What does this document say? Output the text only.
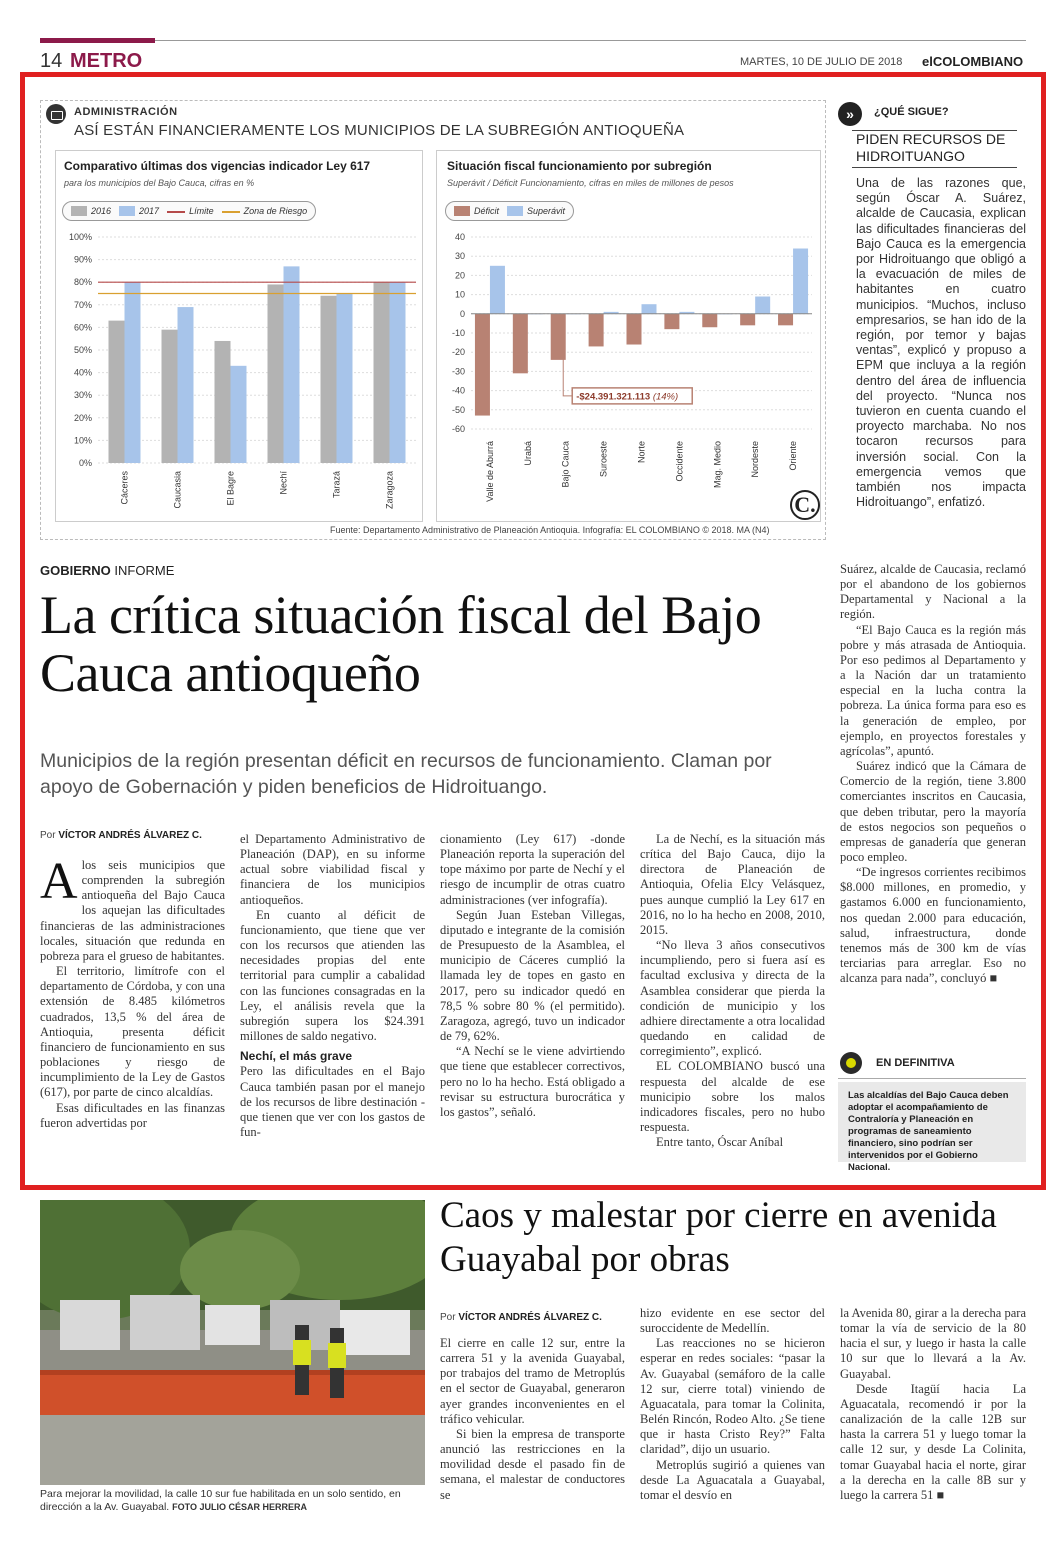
14 METRO	MARTES, 10 DE JULIO DE 2018 elCOLOMBIANO
ADMINISTRACIÓN
ASÍ ESTÁN FINANCIERAMENTE LOS MUNICIPIOS DE LA SUBREGIÓN ANTIOQUEÑA
Comparativo últimas dos vigencias indicador Ley 617
para los municipios del Bajo Cauca, cifras en %
2016	2017	Límite	Zona de Riesgo
100%
90%
80%
70%
60%
50%
40%
30%
20%
10%
0%
Cáceres	Caucasia	El Bagre	Nechí	Tarazá	Zaragoza
Situación fiscal funcionamiento por subregión
Superávit / Déficit Funcionamiento, cifras en miles de millones de pesos
Déficit	Superávit
40
30
20
10
0
-10
-20
-30
-40
-50
-60
Valle de Aburrá	Urabá	Bajo Cauca	Suroeste	Norte	Occidente	Mag. Medio	Nordeste	Oriente
-$24.391.321.113 (14%)
Fuente: Departamento Administrativo de Planeación Antioquia. Infografía: EL COLOMBIANO © 2018. MA (N4)
C.
»	¿QUÉ SIGUE?
PIDEN RECURSOS DE HIDROITUANGO
Una de las razones que, según Óscar A. Suárez, alcalde de Caucasia, explican las dificultades financieras del Bajo Cauca es la emergencia por Hidroituango que obligó a la evacuación de miles de habitantes en cuatro municipios. “Muchos, incluso empresarios, se han ido de la región, por temor y bajas ventas”, explicó y propuso a EPM que incluya a la región dentro del área de influencia del proyecto. “Nunca nos tuvieron en cuenta cuando el proyecto marchaba. No nos tocaron recursos para inversión social. Con la emergencia vemos que también nos impacta Hidroituango”, enfatizó.
GOBIERNO INFORME
La crítica situación fiscal del Bajo Cauca antioqueño
Municipios de la región presentan déficit en recursos de funcionamiento. Claman por apoyo de Gobernación y piden beneficios de Hidroituango.
Por VÍCTOR ANDRÉS ÁLVAREZ C.

Alos seis municipios que comprenden la subregión antioqueña del Bajo Cauca los aquejan las dificultades financieras de las administraciones locales, situación que redunda en pobreza para el grueso de habitantes.

El territorio, limítrofe con el departamento de Córdoba, y con una extensión de 8.485 kilómetros cuadrados, 13,5 % del área de Antioquia, presenta déficit financiero de funcionamiento en sus poblaciones y riesgo de incumplimiento de la Ley de Gastos (617), por parte de cinco alcaldías.

Esas dificultades en las finanzas fueron advertidas por

el Departamento Administrativo de Planeación (DAP), en su informe actual sobre viabilidad fiscal y financiera de los municipios antioqueños.

En cuanto al déficit de funcionamiento, que tiene que ver con los recursos que atienden las necesidades propias del ente territorial para cumplir a cabalidad con las funciones consagradas en la Ley, el análisis revela que la subregión supera los $24.391 millones de saldo negativo.

Nechí, el más grave

Pero las dificultades en el Bajo Cauca también pasan por el manejo de los recursos de libre destinación - que tienen que ver con los gastos de fun-

cionamiento (Ley 617) -donde Planeación reporta la superación del tope máximo por parte de Nechí y el riesgo de incumplir de otras cuatro administraciones (ver infografía).

Según Juan Esteban Villegas, diputado e integrante de la comisión de Presupuesto de la Asamblea, el municipio de Cáceres cumplió la llamada ley de topes en gasto en 2017, pero su indicador quedó en 78,5 % sobre 80 % (el permitido). Zaragoza, agregó, tuvo un indicador de 79, 62%.

“A Nechí se le viene advirtiendo que tiene que establecer correctivos, pero no lo ha hecho. Está obligado a revisar su estructura burocrática y los gastos”, señaló.

La de Nechí, es la situación más crítica del Bajo Cauca, dijo la directora de Planeación de Antioquia, Ofelia Elcy Velásquez, pues aunque cumplió la Ley 617 en 2016, no lo ha hecho en 2008, 2010, 2015.

“No lleva 3 años consecutivos incumpliendo, pero si fuera así es facultad exclusiva y directa de la Asamblea considerar que pierda la condición de municipio y los adhiere directamente a otra localidad quedando en calidad de corregimiento”, explicó.

EL COLOMBIANO buscó una respuesta del alcalde de ese municipio sobre los malos indicadores fiscales, pero no hubo respuesta.

Entre tanto, Óscar Aníbal

Suárez, alcalde de Caucasia, reclamó por el abandono de los gobiernos Departamental y Nacional a la región.

“El Bajo Cauca es la región más pobre y más atrasada de Antioquia. Por eso pedimos al Departamento y a la Nación dar un tratamiento especial en la lucha contra la pobreza. La única forma para eso es la generación de empleo, por ejemplo, en proyectos forestales y agrícolas”, apuntó.

Suárez indicó que la Cámara de Comercio de la región, tiene 3.800 comerciantes inscritos en Caucasia, que deben tributar, pero la mayoría de estos negocios son pequeños o empresas de ganadería que generan poco empleo.

“De ingresos corrientes recibimos $8.000 millones, en promedio, y gastamos 6.000 en funcionamiento, nos quedan 2.000 para educación, salud, infraestructura, donde tenemos más de 300 km de vías terciarias para arreglar. Eso no alcanza para nada”, concluyó ■

EN DEFINITIVA
Las alcaldías del Bajo Cauca deben adoptar el acompañamiento de Contraloría y Planeación en programas de saneamiento financiero, sino podrían ser intervenidos por el Gobierno Nacional.
Para mejorar la movilidad, la calle 10 sur fue habilitada en un solo sentido, en dirección a la Av. Guayabal. FOTO JULIO CÉSAR HERRERA
Caos y malestar por cierre en avenida Guayabal por obras
Por VÍCTOR ANDRÉS ÁLVAREZ C.

El cierre en calle 12 sur, entre la carrera 51 y la avenida Guayabal, por trabajos del tramo de Metroplús en el sector de Guayabal, generaron ayer grandes inconvenientes en el tráfico vehicular.

Si bien la empresa de transporte anunció las restricciones en la movilidad desde el pasado fin de semana, el malestar de conductores se

hizo evidente en ese sector del suroccidente de Medellín.

Las reacciones no se hicieron esperar en redes sociales: “pasar la Av. Guayabal (semáforo de la calle 12 sur, cierre total) viniendo de Aguacatala, para tomar la Colinita, Belén Rincón, Rodeo Alto. ¿Se tiene que ir hasta Cristo Rey?” Falta claridad”, dijo un usuario.

Metroplús sugirió a quienes van desde La Aguacatala a Guayabal, tomar el desvío en

la Avenida 80, girar a la derecha para tomar la vía de servicio de la 80 hacia el sur, y luego ir hasta la calle 10 sur que lo llevará a la Av. Guayabal.

Desde Itagüí hacia La Aguacatala, recomendó ir por la canalización de la calle 12B sur hasta la carrera 51 y luego tomar la calle 12 sur, y desde La Colinita, tomar Guayabal hacia el norte, girar a la derecha en la calle 8B sur y luego la carrera 51 ■
